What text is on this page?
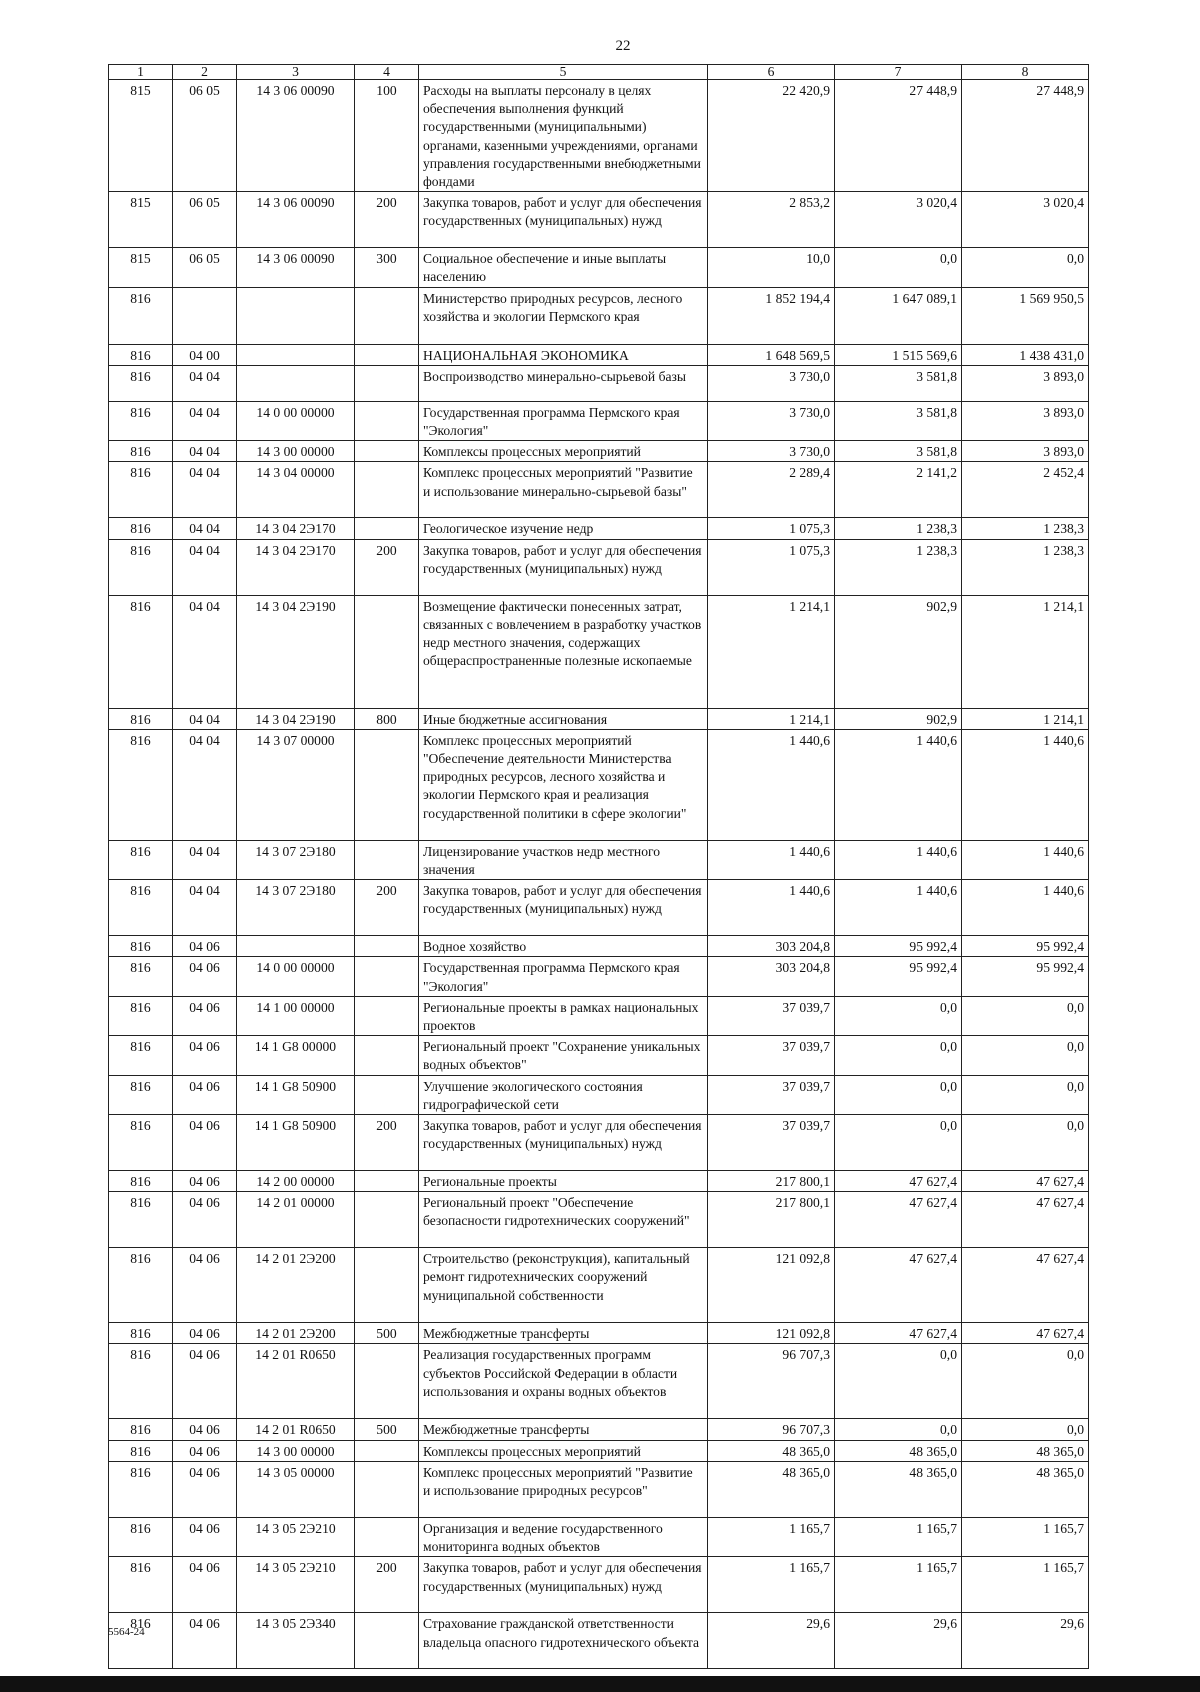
22
1	2	3	4	5	6	7	8
815	06 05	14 3 06 00090	100	Расходы на выплаты персоналу в целях обеспечения выполнения функций государственными (муниципальными) органами, казенными учреждениями, органами управления государственными внебюджетными фондами	22 420,9	27 448,9	27 448,9
815	06 05	14 3 06 00090	200	Закупка товаров, работ и услуг для обеспечения государственных (муниципальных) нужд	2 853,2	3 020,4	3 020,4
815	06 05	14 3 06 00090	300	Социальное обеспечение и иные выплаты населению	10,0	0,0	0,0
816				Министерство природных ресурсов, лесного хозяйства и экологии Пермского края	1 852 194,4	1 647 089,1	1 569 950,5
816	04 00			НАЦИОНАЛЬНАЯ ЭКОНОМИКА	1 648 569,5	1 515 569,6	1 438 431,0
816	04 04			Воспроизводство минерально-сырьевой базы	3 730,0	3 581,8	3 893,0
816	04 04	14 0 00 00000		Государственная программа Пермского края "Экология"	3 730,0	3 581,8	3 893,0
816	04 04	14 3 00 00000		Комплексы процессных мероприятий	3 730,0	3 581,8	3 893,0
816	04 04	14 3 04 00000		Комплекс процессных мероприятий "Развитие и использование минерально-сырьевой базы"	2 289,4	2 141,2	2 452,4
816	04 04	14 3 04 2Э170		Геологическое изучение недр	1 075,3	1 238,3	1 238,3
816	04 04	14 3 04 2Э170	200	Закупка товаров, работ и услуг для обеспечения государственных (муниципальных) нужд	1 075,3	1 238,3	1 238,3
816	04 04	14 3 04 2Э190		Возмещение фактически понесенных затрат, связанных с вовлечением в разработку участков недр местного значения, содержащих общераспространенные полезные ископаемые	1 214,1	902,9	1 214,1
816	04 04	14 3 04 2Э190	800	Иные бюджетные ассигнования	1 214,1	902,9	1 214,1
816	04 04	14 3 07 00000		Комплекс процессных мероприятий "Обеспечение деятельности Министерства природных ресурсов, лесного хозяйства и экологии Пермского края и реализация государственной политики в сфере экологии"	1 440,6	1 440,6	1 440,6
816	04 04	14 3 07 2Э180		Лицензирование участков недр местного значения	1 440,6	1 440,6	1 440,6
816	04 04	14 3 07 2Э180	200	Закупка товаров, работ и услуг для обеспечения государственных (муниципальных) нужд	1 440,6	1 440,6	1 440,6
816	04 06			Водное хозяйство	303 204,8	95 992,4	95 992,4
816	04 06	14 0 00 00000		Государственная программа Пермского края "Экология"	303 204,8	95 992,4	95 992,4
816	04 06	14 1 00 00000		Региональные проекты в рамках национальных проектов	37 039,7	0,0	0,0
816	04 06	14 1 G8 00000		Региональный проект "Сохранение уникальных водных объектов"	37 039,7	0,0	0,0
816	04 06	14 1 G8 50900		Улучшение экологического состояния гидрографической сети	37 039,7	0,0	0,0
816	04 06	14 1 G8 50900	200	Закупка товаров, работ и услуг для обеспечения государственных (муниципальных) нужд	37 039,7	0,0	0,0
816	04 06	14 2 00 00000		Региональные проекты	217 800,1	47 627,4	47 627,4
816	04 06	14 2 01 00000		Региональный проект "Обеспечение безопасности гидротехнических сооружений"	217 800,1	47 627,4	47 627,4
816	04 06	14 2 01 2Э200		Строительство (реконструкция), капитальный ремонт гидротехнических сооружений муниципальной собственности	121 092,8	47 627,4	47 627,4
816	04 06	14 2 01 2Э200	500	Межбюджетные трансферты	121 092,8	47 627,4	47 627,4
816	04 06	14 2 01 R0650		Реализация государственных программ субъектов Российской Федерации в области использования и охраны водных объектов	96 707,3	0,0	0,0
816	04 06	14 2 01 R0650	500	Межбюджетные трансферты	96 707,3	0,0	0,0
816	04 06	14 3 00 00000		Комплексы процессных мероприятий	48 365,0	48 365,0	48 365,0
816	04 06	14 3 05 00000		Комплекс процессных мероприятий "Развитие и использование природных ресурсов"	48 365,0	48 365,0	48 365,0
816	04 06	14 3 05 2Э210		Организация и ведение государственного мониторинга водных объектов	1 165,7	1 165,7	1 165,7
816	04 06	14 3 05 2Э210	200	Закупка товаров, работ и услуг для обеспечения государственных (муниципальных) нужд	1 165,7	1 165,7	1 165,7
816	04 06	14 3 05 2Э340		Страхование гражданской ответственности владельца опасного гидротехнического объекта	29,6	29,6	29,6
5564-24
